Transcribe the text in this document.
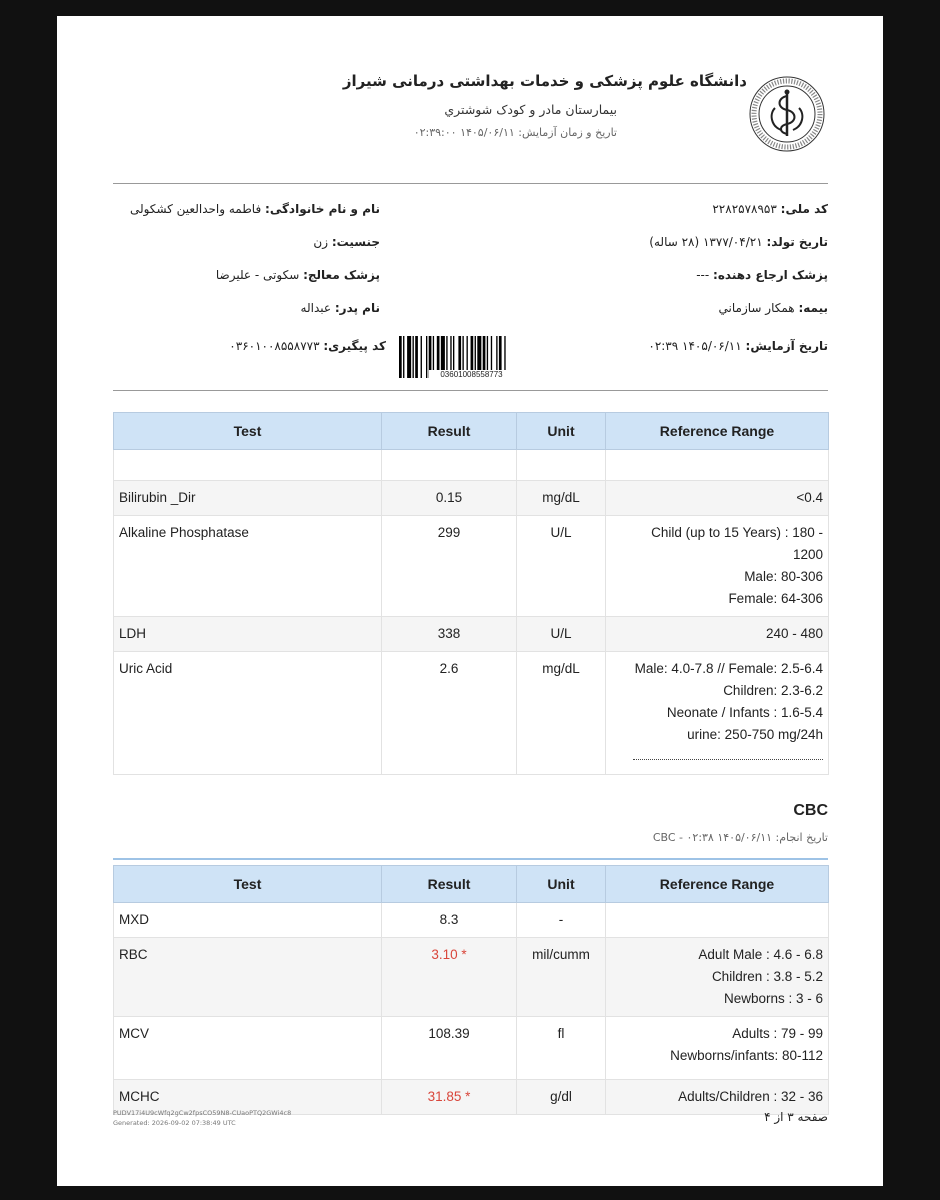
دانشگاه علوم پزشکی و خدمات بهداشتی درمانی شیراز
بیمارستان مادر و کودک شوشتري
تاریخ و زمان آزمایش: ۱۴۰۵/۰۶/۱۱ ۰۲:۳۹:۰۰
نام و نام خانوادگی: فاطمه واحدالعین کشکولی	کد ملی: ۲۲۸۲۵۷۸۹۵۳
جنسیت: زن	تاریخ تولد: ۱۳۷۷/۰۴/۲۱ (۲۸ ساله)
پزشک معالج: سکوتی - علیرضا	پزشک ارجاع دهنده: ---
نام پدر: عبداله	بیمه: همکار سازماني
کد پیگیری: ۰۳۶۰۱۰۰۸۵۵۸۷۷۳	تاریخ آزمایش: ۱۴۰۵/۰۶/۱۱ ۰۲:۳۹
03601008558773
Test	Result	Unit	Reference Range

Bilirubin _Dir	0.15	mg/dL	<0.4

Alkaline Phosphatase	299	U/L	Child (up to 15 Years) : 180 -
1200
Male: 80-306
Female: 64-306

LDH	338	U/L	240 - 480

Uric Acid	2.6	mg/dL	Male: 4.0-7.8 // Female: 2.5-6.4
Children: 2.3-6.2
Neonate / Infants : 1.6-5.4
urine: 250-750 mg/24h
CBC
تاریخ انجام: ۱۴۰۵/۰۶/۱۱ ۰۲:۳۸ - CBC
Test	Result	Unit	Reference Range
MXD	8.3	-	
RBC	3.10 *	mil/cumm	Adult Male : 4.6 - 6.8
Children : 3.8 - 5.2
Newborns : 3 - 6

MCV	108.39	fl	Adults : 79 - 99
Newborns/infants: 80-112

MCHC	31.85 *	g/dl	Adults/Children : 32 - 36
PUDV17i4U9cWfq2gCw2fpsCO59N8-CUaoPTQ2GWi4c8
Generated: 2026-09-02 07:38:49 UTC	صفحه ۳ از ۴
